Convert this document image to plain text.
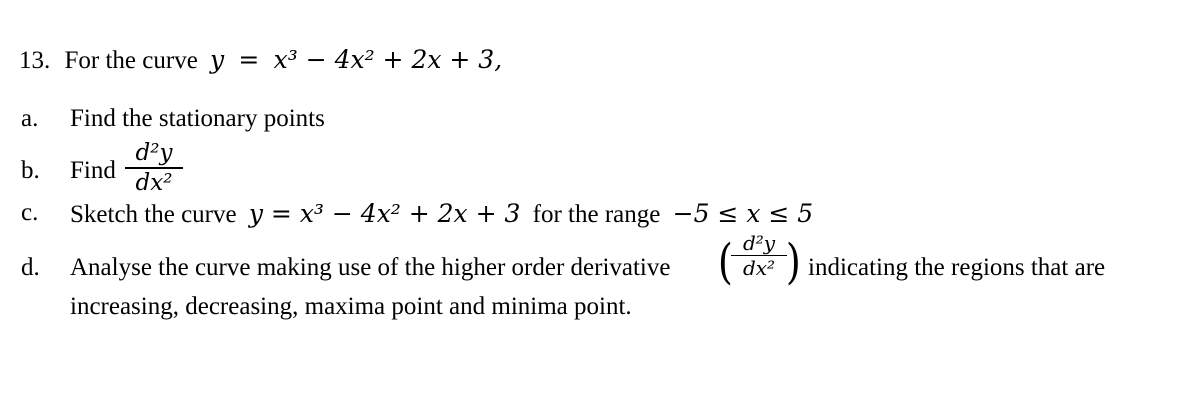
13. For the curve y = x³ − 4x² + 2x + 3,
a. Find the stationary points
b. Find
d²y
dx²
c. Sketch the curve y = x³ − 4x² + 2x + 3 for the range −5 ≤ x ≤ 5
d. Analyse the curve making use of the higher order derivative ( d²y
dx² ) indicating the regions that are
increasing, decreasing, maxima point and minima point.
